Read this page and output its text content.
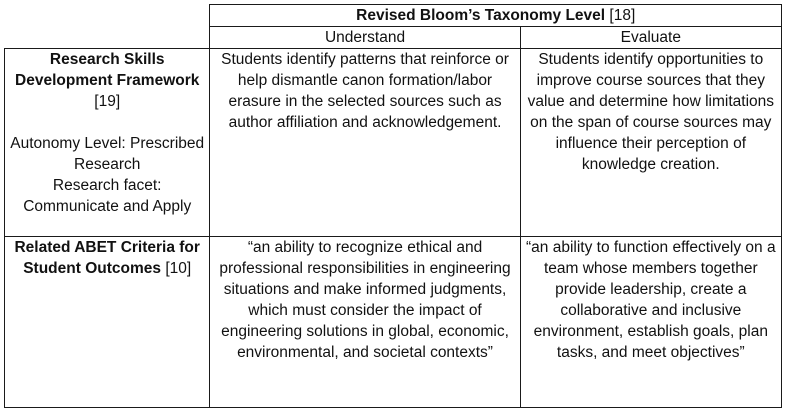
	Revised Bloom’s Taxonomy Level [18]	
	Understand	Evaluate
Research Skills Development Framework [19]
Autonomy Level: Prescribed Research
Research facet: Communicate and Apply	Students identify patterns that reinforce or help dismantle canon formation/labor erasure in the selected sources such as author affiliation and acknowledgement.	Students identify opportunities to improve course sources that they value and determine how limitations on the span of course sources may influence their perception of knowledge creation.
Related ABET Criteria for Student Outcomes [10]	“an ability to recognize ethical and professional responsibilities in engineering situations and make informed judgments, which must consider the impact of engineering solutions in global, economic, environmental, and societal contexts”	“an ability to function effectively on a team whose members together provide leadership, create a collaborative and inclusive environment, establish goals, plan tasks, and meet objectives”
